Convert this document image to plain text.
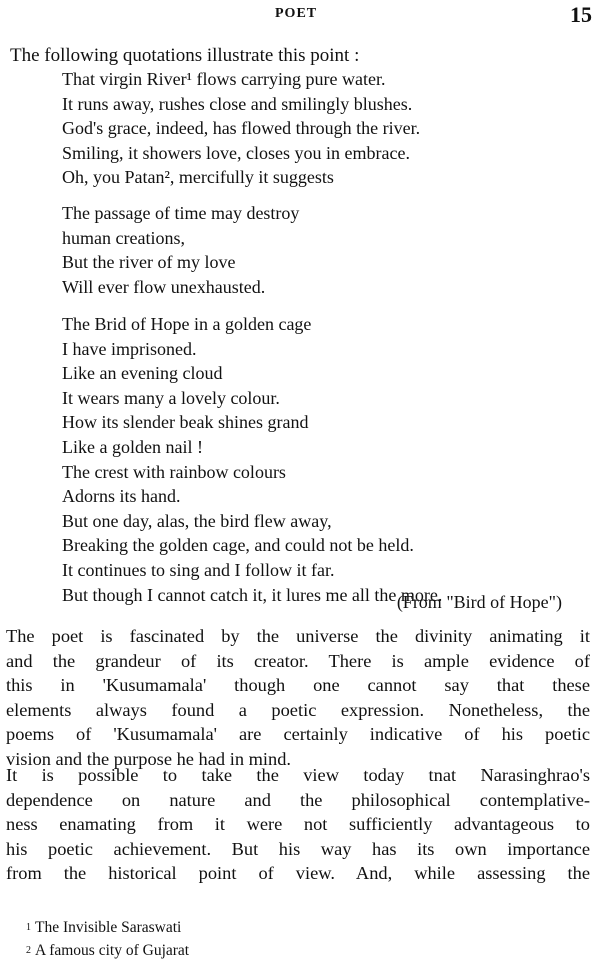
POET	15
The following quotations illustrate this point :
That virgin River¹ flows carrying pure water.
It runs away, rushes close and smilingly blushes.
God's grace, indeed, has flowed through the river.
Smiling, it showers love, closes you in embrace.
Oh, you Patan², mercifully it suggests
The passage of time may destroy
human creations,
But the river of my love
Will ever flow unexhausted.
The Brid of Hope in a golden cage
I have imprisoned.
Like an evening cloud
It wears many a lovely colour.
How its slender beak shines grand
Like a golden nail !
The crest with rainbow colours
Adorns its hand.
But one day, alas, the bird flew away,
Breaking the golden cage, and could not be held.
It continues to sing and I follow it far.
But though I cannot catch it, it lures me all the more.
(From "Bird of Hope")
The poet is fascinated by the universe the divinity animating it
and the grandeur of its creator. There is ample evidence of
this in 'Kusumamala' though one cannot say that these
elements always found a poetic expression. Nonetheless, the
poems of 'Kusumamala' are certainly indicative of his poetic
vision and the purpose he had in mind.
It is possible to take the view today tnat Narasinghrao's
dependence on nature and the philosophical contemplative-
ness enamating from it were not sufficiently advantageous to
his poetic achievement. But his way has its own importance
from the historical point of view. And, while assessing the
1 The Invisible Saraswati
2 A famous city of Gujarat
